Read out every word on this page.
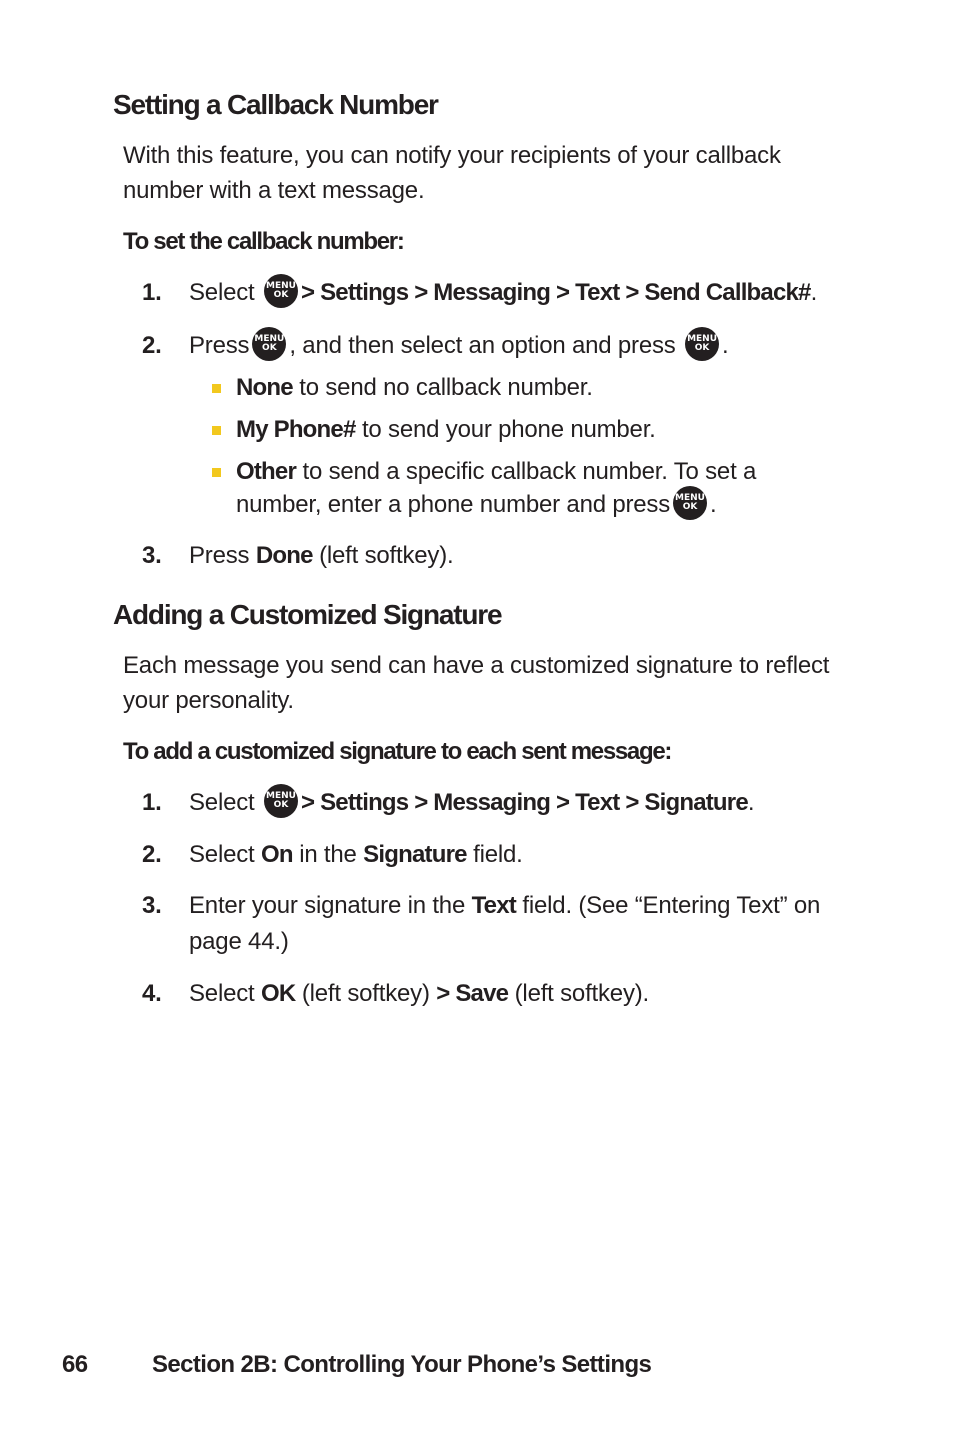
Setting a Callback Number

With this feature, you can notify your recipients of your callback number with a text message.

To set the callback number:

1. Select MENU
OK > Settings > Messaging > Text > Send Callback#.
2. Press MENU
OK , and then select an option and press MENU
OK .
None to send no callback number.
My Phone# to send your phone number.
Other to send a specific callback number. To set a number, enter a phone number and press MENU
OK .
3. Press Done (left softkey).
Adding a Customized Signature

Each message you send can have a customized signature to reflect your personality.

To add a customized signature to each sent message:

1. Select MENU
OK > Settings > Messaging > Text > Signature.
2. Select On in the Signature field.
3. Enter your signature in the Text field. (See “Entering Text” on page 44.)
4. Select OK (left softkey) > Save (left softkey).
66	Section 2B: Controlling Your Phone’s Settings
